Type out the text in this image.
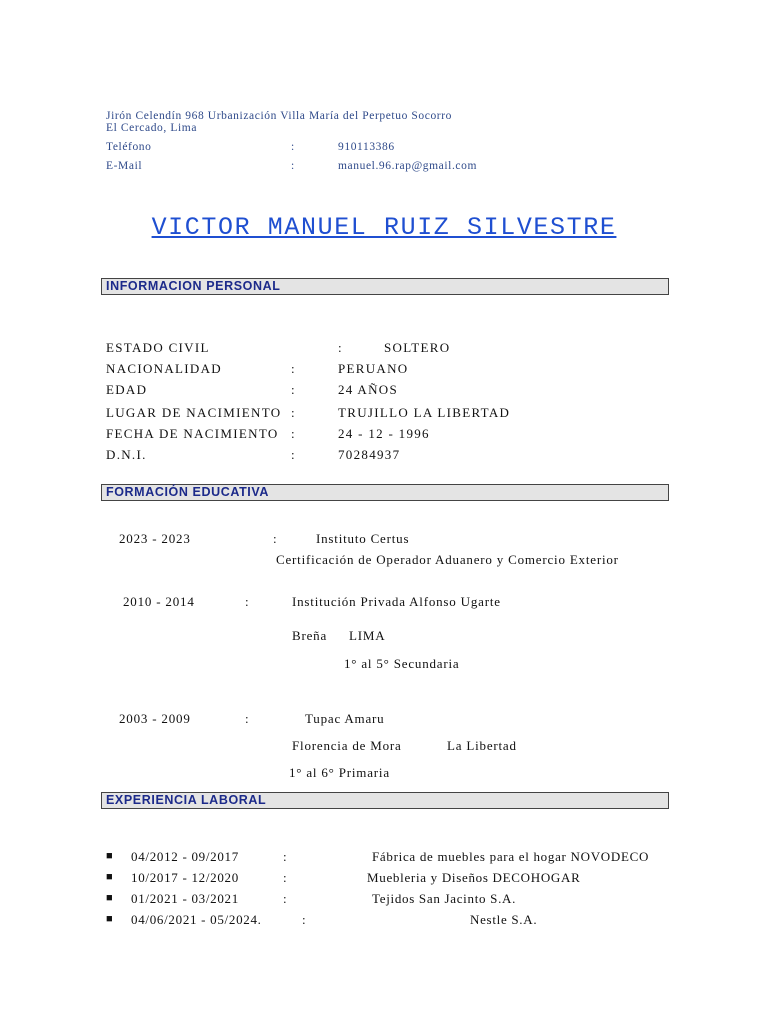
Jirón Celendín 968 Urbanización Villa María del Perpetuo Socorro
El Cercado, Lima
Teléfono	:	910113386
E-Mail	:	manuel.96.rap@gmail.com
VICTOR MANUEL RUIZ SILVESTRE
INFORMACION PERSONAL
ESTADO CIVIL	:	SOLTERO
NACIONALIDAD	:	PERUANO
EDAD	:	24 AÑOS
LUGAR DE NACIMIENTO :	TRUJILLO LA LIBERTAD
FECHA DE NACIMIENTO :	24 - 12 - 1996
D.N.I.	:	70284937
FORMACIÓN EDUCATIVA
2023 - 2023	:	Instituto Certus
Certificación de Operador Aduanero y Comercio Exterior
2010 - 2014	:	Institución Privada Alfonso Ugarte
Breña LIMA
1° al 5° Secundaria
2003 - 2009	:	Tupac Amaru
Florencia de Mora	La Libertad
1° al 6° Primaria
EXPERIENCIA LABORAL
■ 04/2012 - 09/2017	:	Fábrica de muebles para el hogar NOVODECO
■ 10/2017 - 12/2020	:	Muebleria y Diseños DECOHOGAR
■ 01/2021 - 03/2021	:	Tejidos San Jacinto S.A.
■ 04/06/2021 - 05/2024.	:	Nestle S.A.
